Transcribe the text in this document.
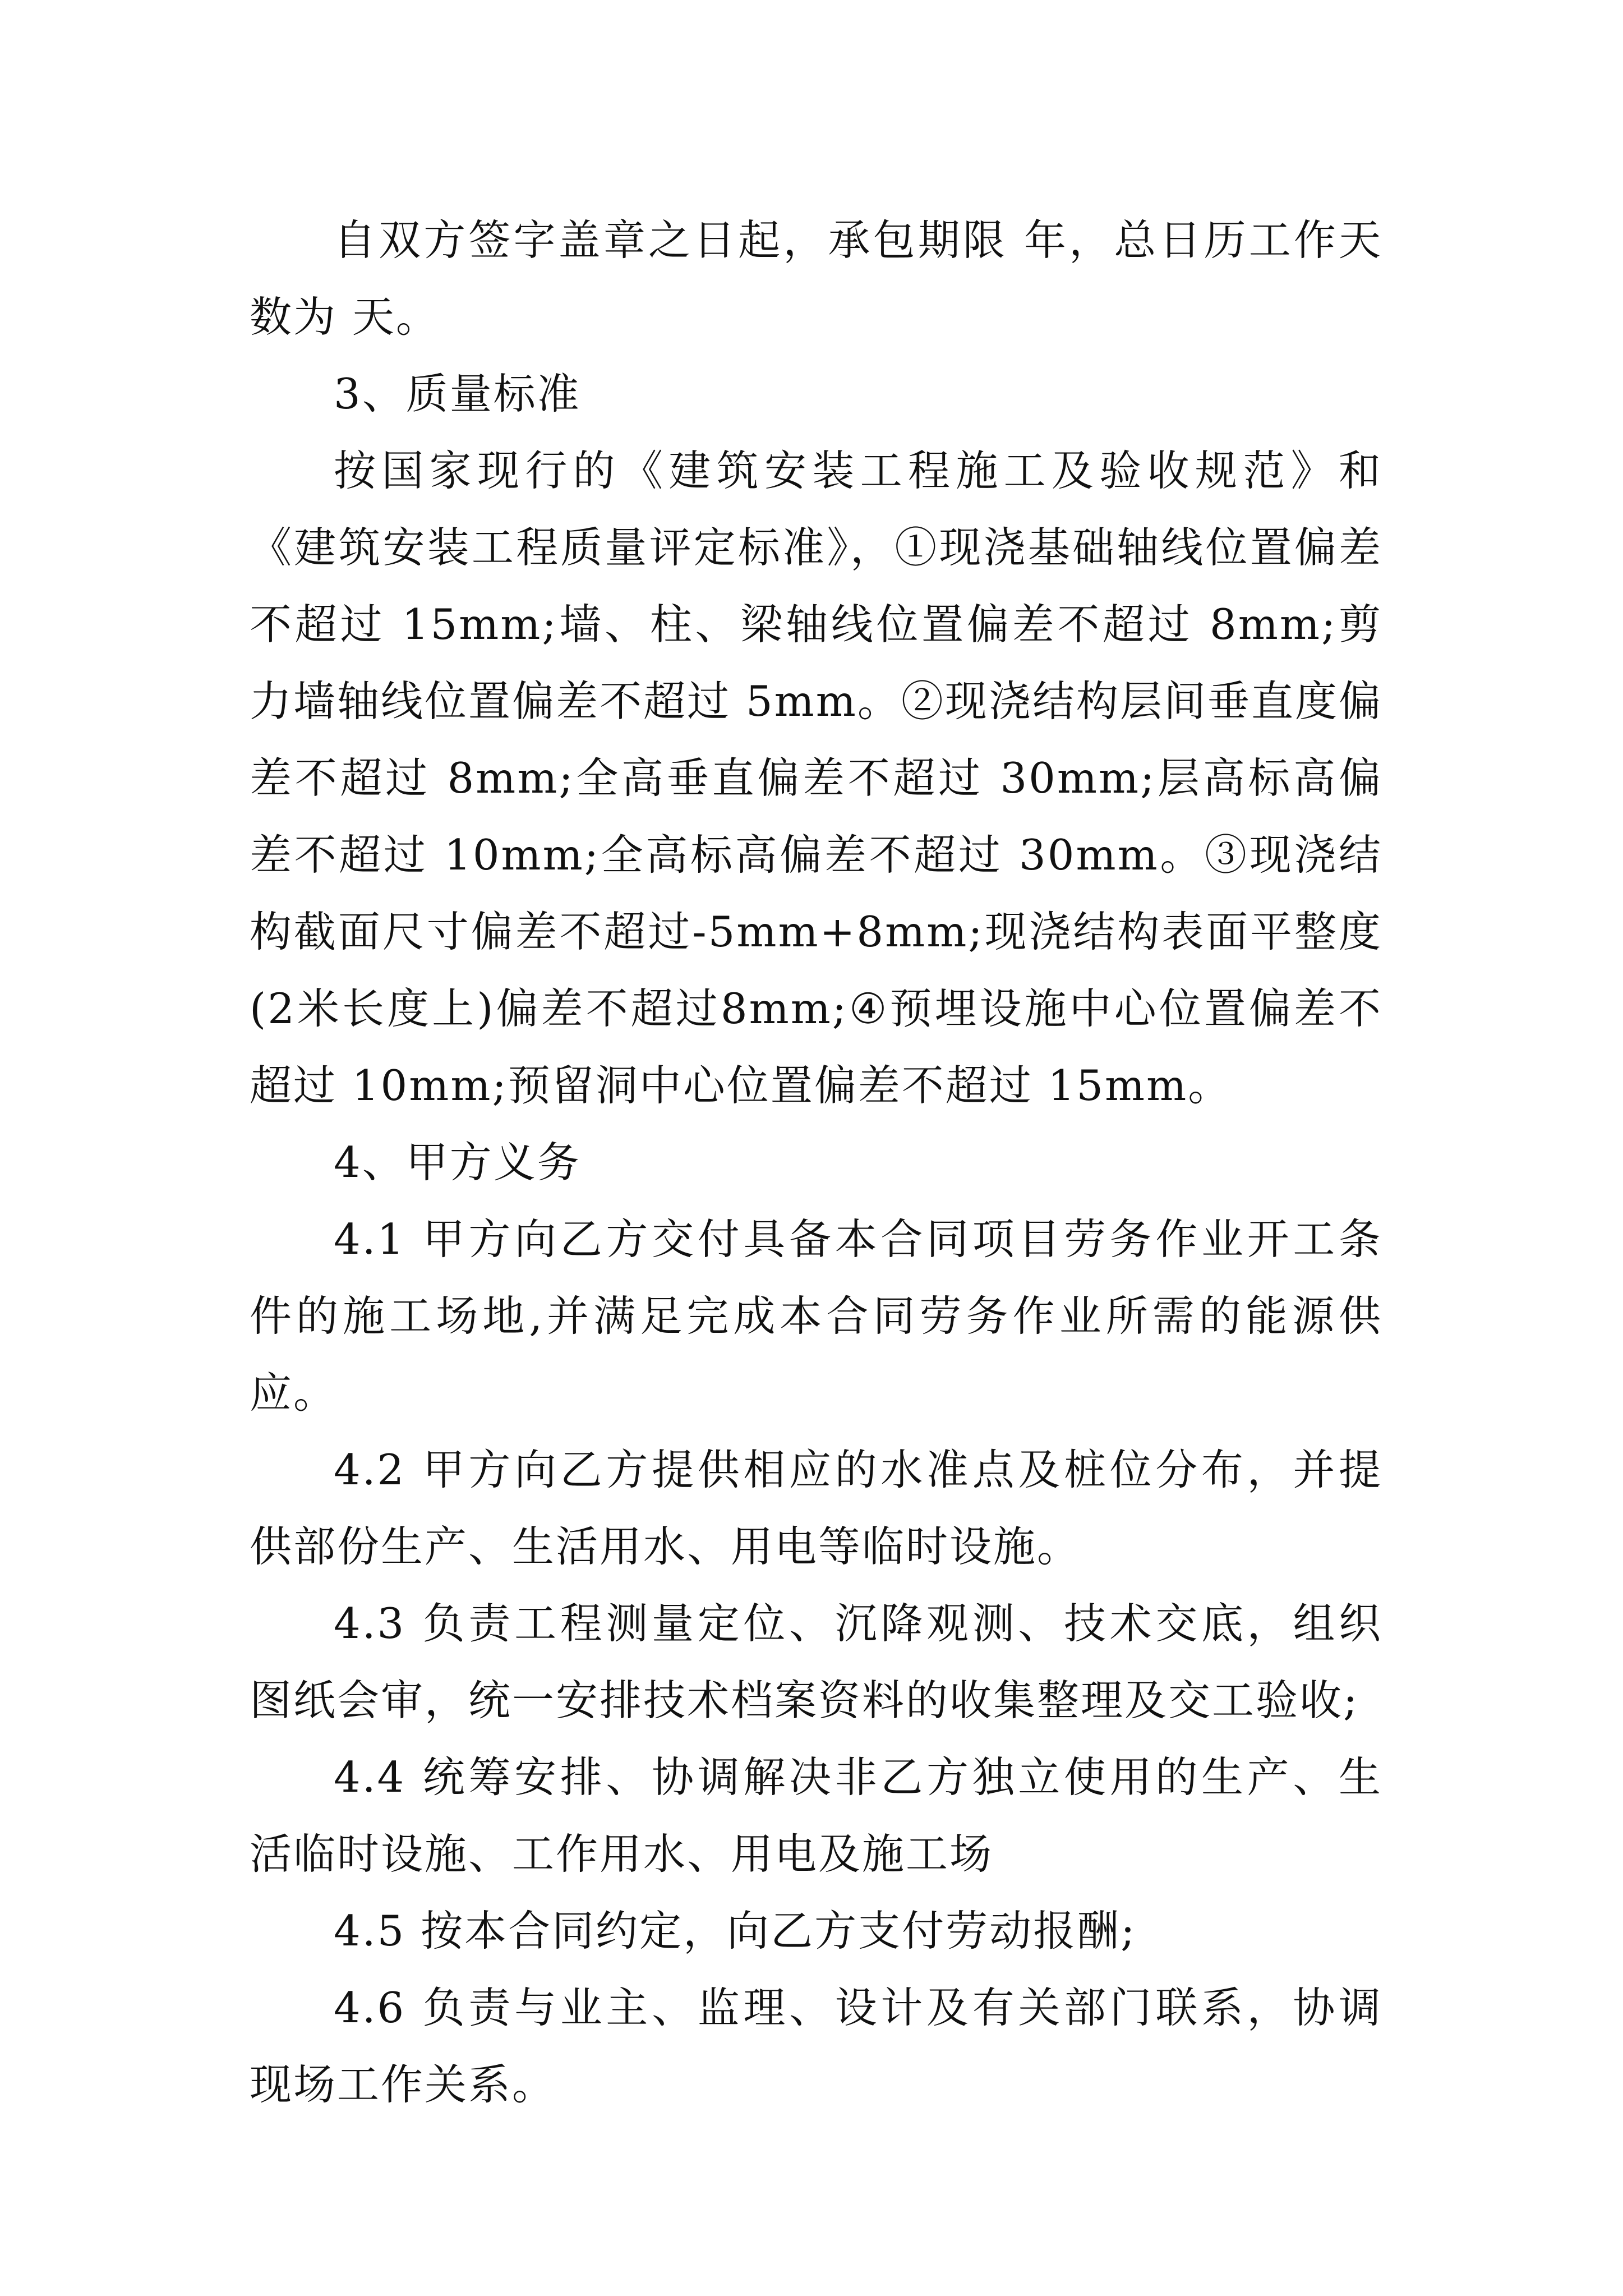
自双方签字盖章之日起，承包期限 年，总日历工作天数为 天。

3、质量标准

按国家现行的《建筑安装工程施工及验收规范》和《建筑安装工程质量评定标准》，①现浇基础轴线位置偏差不超过 15mm;墙、柱、梁轴线位置偏差不超过 8mm;剪力墙轴线位置偏差不超过 5mm。②现浇结构层间垂直度偏差不超过 8mm;全高垂直偏差不超过 30mm;层高标高偏差不超过 10mm;全高标高偏差不超过 30mm。③现浇结构截面尺寸偏差不超过-5mm+8mm;现浇结构表面平整度(2米长度上)偏差不超过8mm;④预埋设施中心位置偏差不超过 10mm;预留洞中心位置偏差不超过 15mm。

4、甲方义务

4.1 甲方向乙方交付具备本合同项目劳务作业开工条件的施工场地,并满足完成本合同劳务作业所需的能源供应。

4.2 甲方向乙方提供相应的水准点及桩位分布，并提供部份生产、生活用水、用电等临时设施。

4.3 负责工程测量定位、沉降观测、技术交底，组织图纸会审，统一安排技术档案资料的收集整理及交工验收;

4.4 统筹安排、协调解决非乙方独立使用的生产、生活临时设施、工作用水、用电及施工场

4.5 按本合同约定，向乙方支付劳动报酬;

4.6 负责与业主、监理、设计及有关部门联系，协调现场工作关系。
